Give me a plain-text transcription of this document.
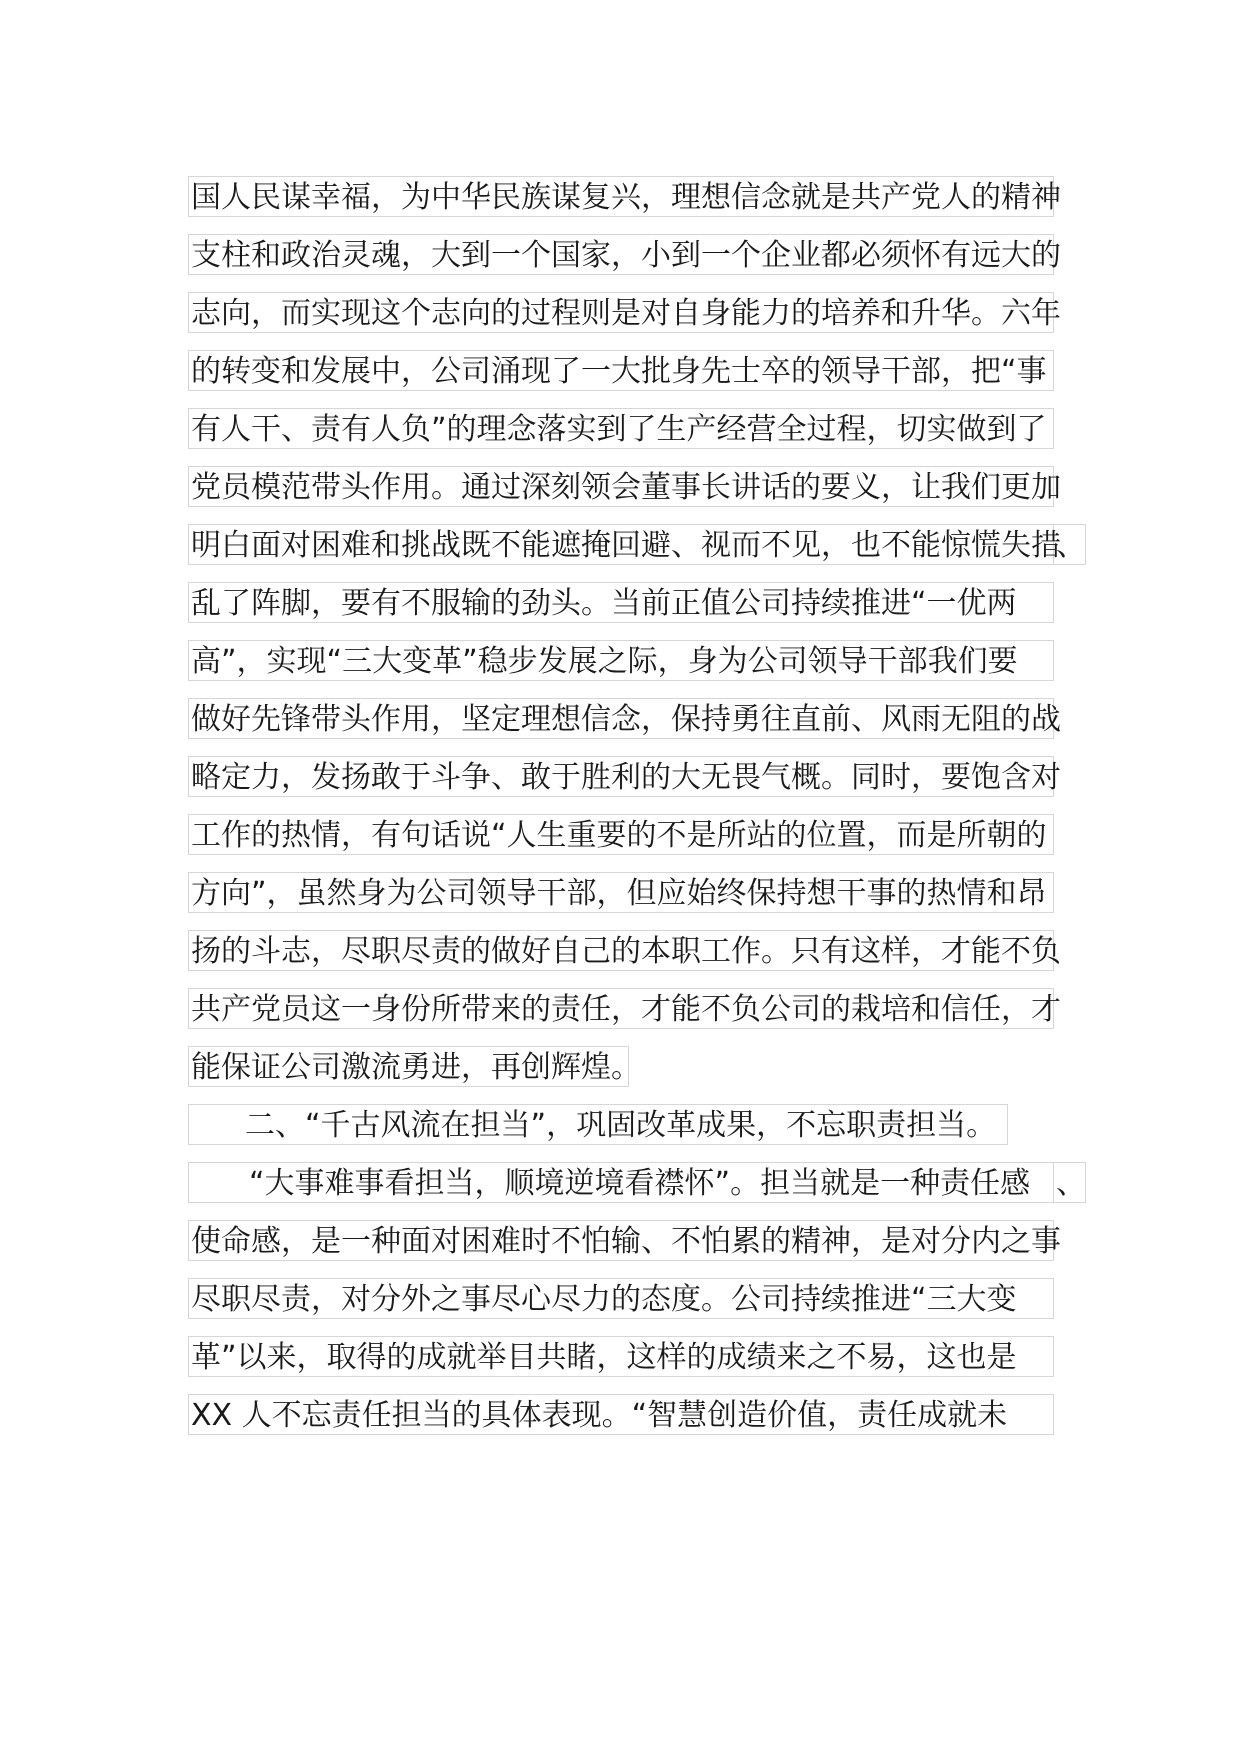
国人民谋幸福，为中华民族谋复兴，理想信念就是共产党人的精神
支柱和政治灵魂，大到一个国家，小到一个企业都必须怀有远大的
志向，而实现这个志向的过程则是对自身能力的培养和升华。六年
的转变和发展中，公司涌现了一大批身先士卒的领导干部，把“事
有人干、责有人负”的理念落实到了生产经营全过程，切实做到了
党员模范带头作用。通过深刻领会董事长讲话的要义，让我们更加
明白面对困难和挑战既不能遮掩回避、视而不见，也不能惊慌失措
、
乱了阵脚，要有不服输的劲头。当前正值公司持续推进“一优两
高”，实现“三大变革”稳步发展之际，身为公司领导干部我们要
做好先锋带头作用，坚定理想信念，保持勇往直前、风雨无阻的战
略定力，发扬敢于斗争、敢于胜利的大无畏气概。同时，要饱含对
工作的热情，有句话说“人生重要的不是所站的位置，而是所朝的
方向”，虽然身为公司领导干部，但应始终保持想干事的热情和昂
扬的斗志，尽职尽责的做好自己的本职工作。只有这样，才能不负
共产党员这一身份所带来的责任，才能不负公司的栽培和信任，才
能保证公司激流勇进，再创辉煌。
二、“千古风流在担当”，巩固改革成果，不忘职责担当。
“大事难事看担当，顺境逆境看襟怀”。担当就是一种责任感 、
使命感，是一种面对困难时不怕输、不怕累的精神，是对分内之事
尽职尽责，对分外之事尽心尽力的态度。公司持续推进“三大变
革”以来，取得的成就举目共睹，这样的成绩来之不易，这也是
XX 人不忘责任担当的具体表现。“智慧创造价值，责任成就未
